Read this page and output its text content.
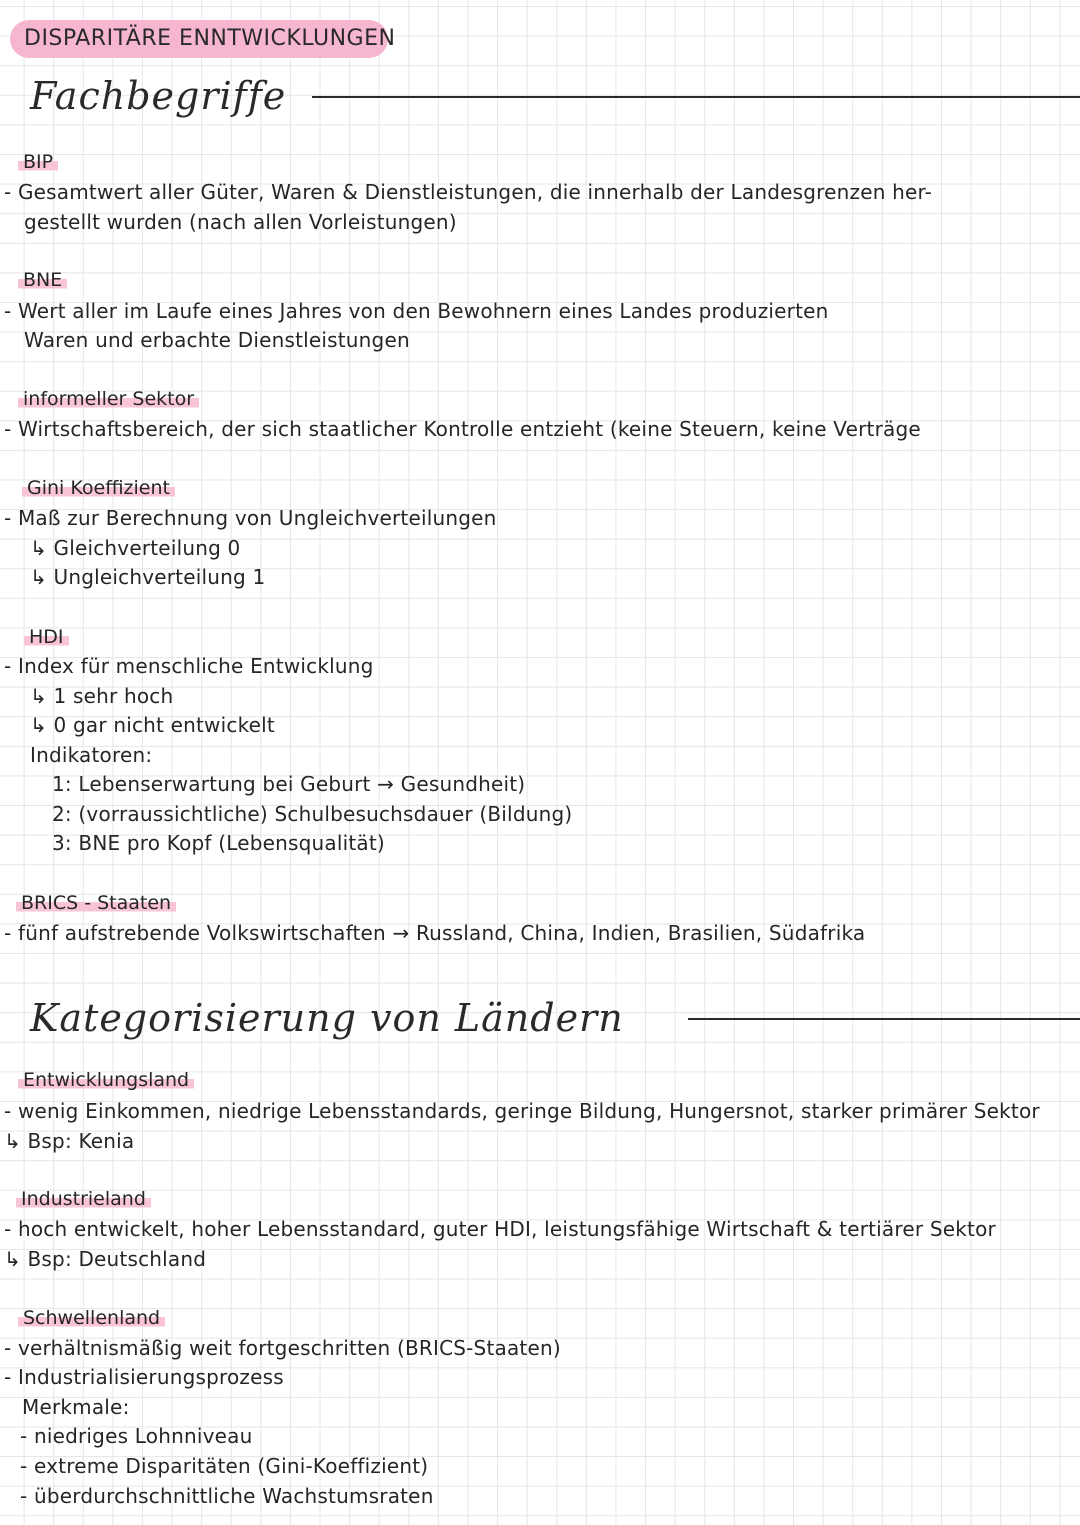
DISPARITÄRE ENNTWICKLUNGEN
Fachbegriffe
BIP
- Gesamtwert aller Güter, Waren & Dienstleistungen, die innerhalb der Landesgrenzen her-
gestellt wurden (nach allen Vorleistungen)
BNE
- Wert aller im Laufe eines Jahres von den Bewohnern eines Landes produzierten
Waren und erbachte Dienstleistungen
informeller Sektor
- Wirtschaftsbereich, der sich staatlicher Kontrolle entzieht (keine Steuern, keine Verträge
Gini Koeffizient
- Maß zur Berechnung von Ungleichverteilungen
↳ Gleichverteilung 0
↳ Ungleichverteilung 1
HDI
- Index für menschliche Entwicklung
↳ 1 sehr hoch
↳ 0 gar nicht entwickelt
Indikatoren:
1: Lebenserwartung bei Geburt → Gesundheit)
2: (vorraussichtliche) Schulbesuchsdauer (Bildung)
3: BNE pro Kopf (Lebensqualität)
BRICS - Staaten
- fünf aufstrebende Volkswirtschaften → Russland, China, Indien, Brasilien, Südafrika
Kategorisierung von Ländern
Entwicklungsland
- wenig Einkommen, niedrige Lebensstandards, geringe Bildung, Hungersnot, starker primärer Sektor
↳ Bsp: Kenia
Industrieland
- hoch entwickelt, hoher Lebensstandard, guter HDI, leistungsfähige Wirtschaft & tertiärer Sektor
↳ Bsp: Deutschland
Schwellenland
- verhältnismäßig weit fortgeschritten (BRICS-Staaten)
- Industrialisierungsprozess
Merkmale:
- niedriges Lohnniveau
- extreme Disparitäten (Gini-Koeffizient)
- überdurchschnittliche Wachstumsraten
